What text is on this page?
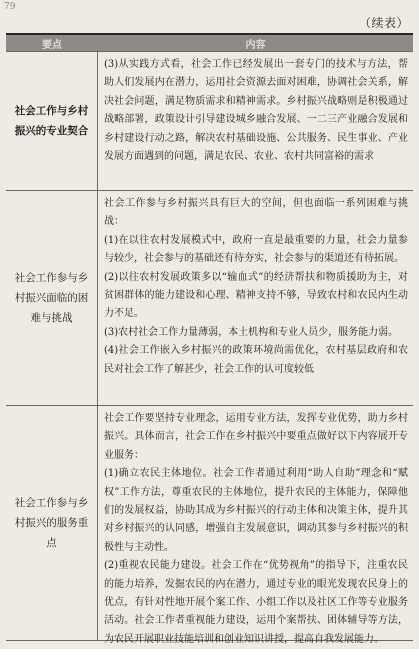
79
（续表）
要点	内容
社会工作与乡村振兴的专业契合

(3)从实践方式看，社会工作已经发展出一套专门的技术与方法，帮助人们发展内在潜力，运用社会资源去面对困难，协调社会关系，解决社会问题，满足物质需求和精神需求。乡村振兴战略则是积极通过战略部署，政策设计引导建设城乡融合发展、一二三产业融合发展和乡村建设行动之路，解决农村基础设施、公共服务、民生事业、产业发展方面遇到的问题，满足农民、农业、农村共同富裕的需求

社会工作参与乡村振兴面临的困难与挑战

社会工作参与乡村振兴具有巨大的空间，但也面临一系列困难与挑战：

(1)在以往农村发展模式中，政府一直是最重要的力量，社会力量参与较少，社会参与的基础还有待夯实，社会参与的渠道还有待拓展。

(2)以往农村发展政策多以“输血式”的经济帮扶和物质援助为主，对贫困群体的能力建设和心理、精神支持不够，导致农村和农民内生动力不足。

(3)农村社会工作力量薄弱，本土机构和专业人员少，服务能力弱。

(4)社会工作嵌入乡村振兴的政策环境尚需优化，农村基层政府和农民对社会工作了解甚少，社会工作的认可度较低

社会工作参与乡村振兴的服务重点

社会工作要坚持专业理念，运用专业方法，发挥专业优势，助力乡村振兴。具体而言，社会工作在乡村振兴中要重点做好以下内容展开专业服务：

(1)确立农民主体地位。社会工作者通过利用“助人自助”理念和“赋权”工作方法，尊重农民的主体地位，提升农民的主体能力，保障他们的发展权益，协助其成为乡村振兴的行动主体和决策主体，提升其对乡村振兴的认同感，增强自主发展意识，调动其参与乡村振兴的积极性与主动性。

(2)重视农民能力建设。社会工作在“优势视角”的指导下，注重农民的能力培养，发掘农民的内在潜力，通过专业的眼光发现农民身上的优点，有针对性地开展个案工作、小组工作以及社区工作等专业服务活动。社会工作者重视能力建设，运用个案帮扶、团体辅导等方法，为农民开展职业技能培训和创业知识讲授，提高自我发展能力。
